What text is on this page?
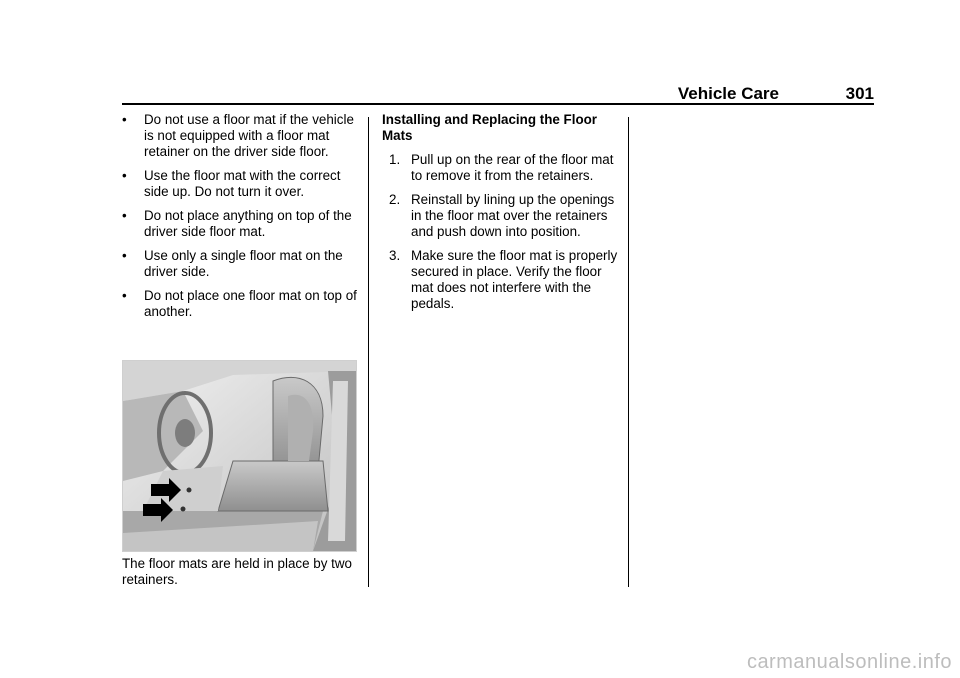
Vehicle Care	301
• Do not use a floor mat if the vehicle is not equipped with a floor mat retainer on the driver side floor.
• Use the floor mat with the correct side up. Do not turn it over.
• Do not place anything on top of the driver side floor mat.
• Use only a single floor mat on the driver side.
• Do not place one floor mat on top of another.
The floor mats are held in place by two retainers.
Installing and Replacing the Floor Mats
1. Pull up on the rear of the floor mat to remove it from the retainers.
2. Reinstall by lining up the openings in the floor mat over the retainers and push down into position.
3. Make sure the floor mat is properly secured in place. Verify the floor mat does not interfere with the pedals.
carmanualsonline.info
